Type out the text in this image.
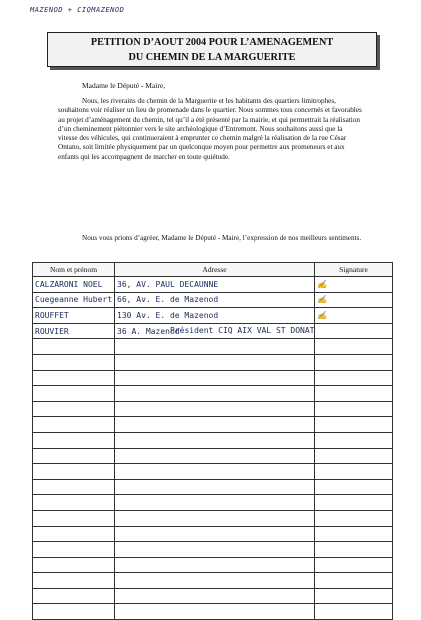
MAZENOD + CIQMAZENOD
PETITION D’AOUT 2004 POUR L’AMENAGEMENT
DU CHEMIN DE LA MARGUERITE
Madame le Député - Maire,

Nous, les riverains du chemin de la Marguerite et les habitants des quartiers limitrophes, souhaitons voir réaliser un lieu de promenade dans le quartier. Nous sommes tous concernés et favorables au projet d’aménagement du chemin, tel qu’il a été présenté par la mairie, et qui permettrait la réalisation d’un cheminement piétonnier vers le site archéologique d’Entremont. Nous souhaitons aussi que la vitesse des véhicules, qui continueraient à emprunter ce chemin malgré la réalisation de la rue César Ontano, soit limitée physiquement par un quelconque moyen pour permettre aux promeneurs et aux enfants qui les accompagnent de marcher en toute quiétude.

Nous vous prions d’agréer, Madame le Député - Maire, l’expression de nos meilleurs sentiments.

Nom et prénom	Adresse	Signature
CALZARONI NOEL	36, AV. PAUL DECAUNNE	✍
Cuegeanne Hubert	66, Av. E. de Mazenod	✍
ROUFFET	130 Av. E. de Mazenod	✍
ROUVIER	36 A. Mazenod	

Président CIQ AIX VAL ST DONAT
